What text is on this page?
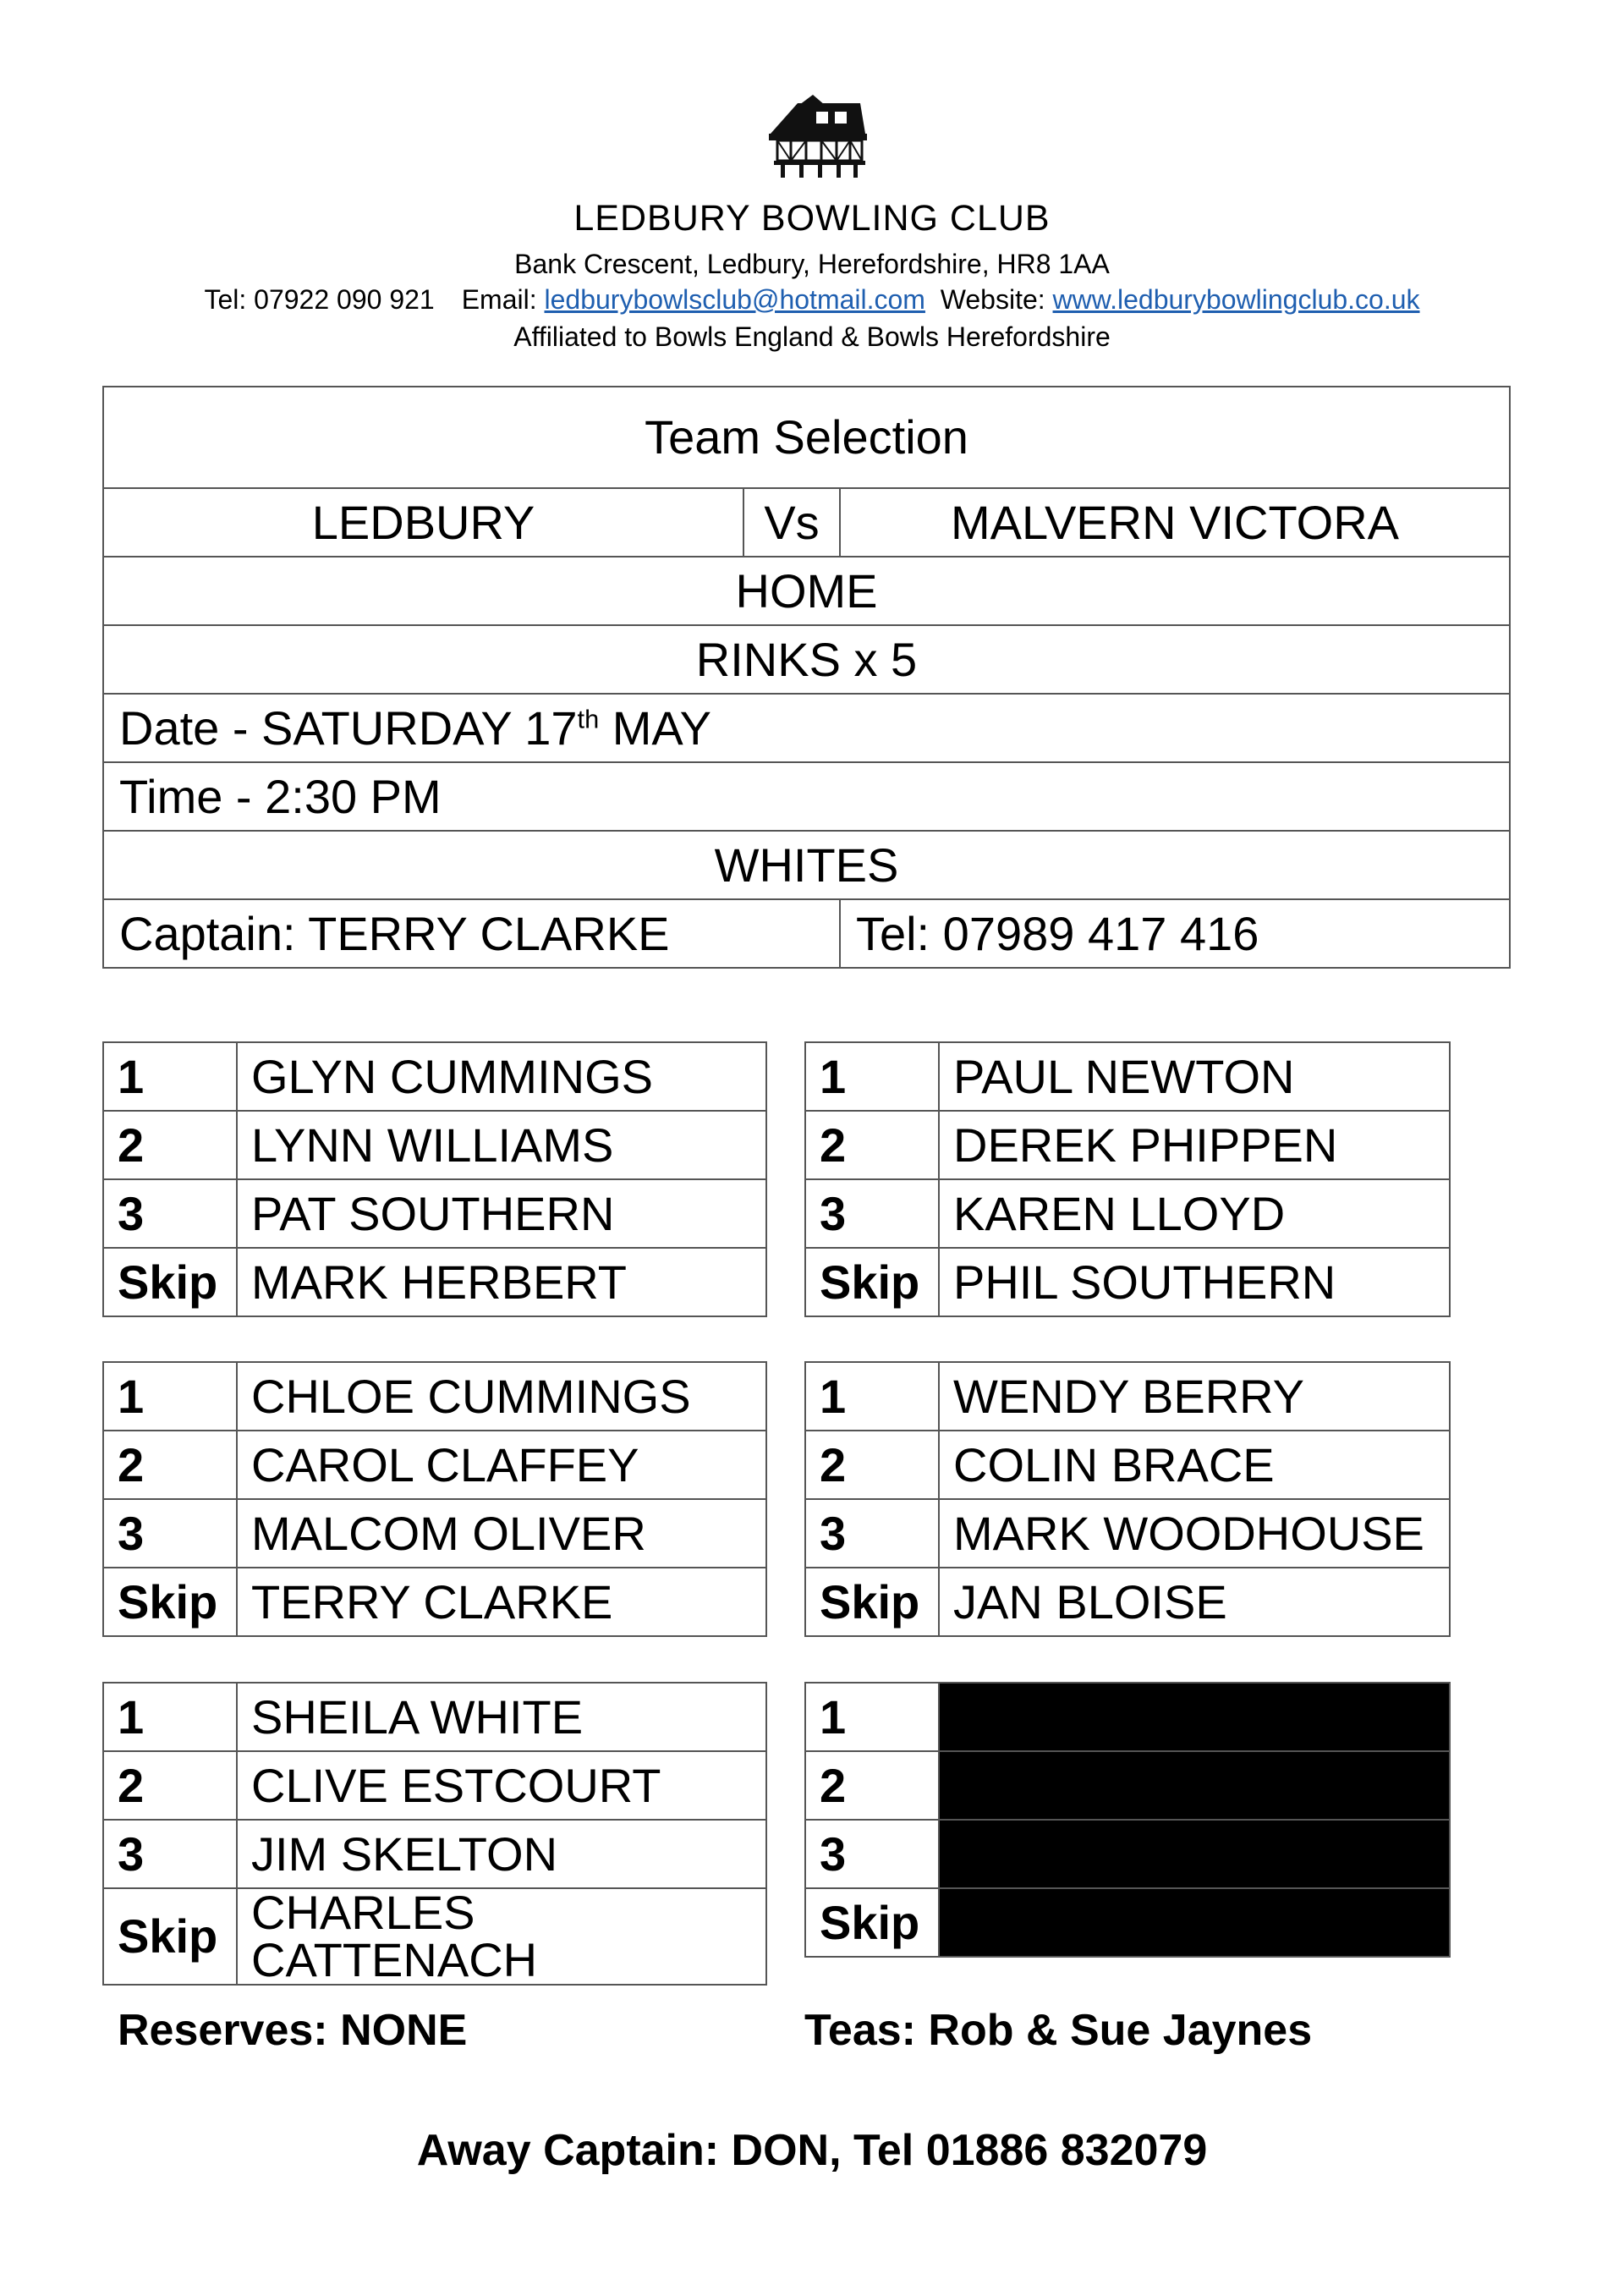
LEDBURY BOWLING CLUB
Bank Crescent, Ledbury, Herefordshire, HR8 1AA
Tel: 07922 090 921 Email: ledburybowlsclub@hotmail.com Website: www.ledburybowlingclub.co.uk
Affiliated to Bowls England & Bowls Herefordshire
Team Selection		
LEDBURY	Vs	MALVERN VICTORA
HOME		
RINKS x 5		
Date - SATURDAY 17th MAY		
Time - 2:30 PM		
WHITES		
Captain: TERRY CLARKE		Tel: 07989 417 416
1	GLYN CUMMINGS
2	LYNN WILLIAMS
3	PAT SOUTHERN
Skip	MARK HERBERT
1	PAUL NEWTON
2	DEREK PHIPPEN
3	KAREN LLOYD
Skip	PHIL SOUTHERN
1	CHLOE CUMMINGS
2	CAROL CLAFFEY
3	MALCOM OLIVER
Skip	TERRY CLARKE
1	WENDY BERRY
2	COLIN BRACE
3	MARK WOODHOUSE
Skip	JAN BLOISE
1	SHEILA WHITE
2	CLIVE ESTCOURT
3	JIM SKELTON
Skip	CHARLES CATTENACH
1	
2	
3	
Skip	
Reserves: NONE	Teas: Rob & Sue Jaynes
Away Captain: DON, Tel 01886 832079
